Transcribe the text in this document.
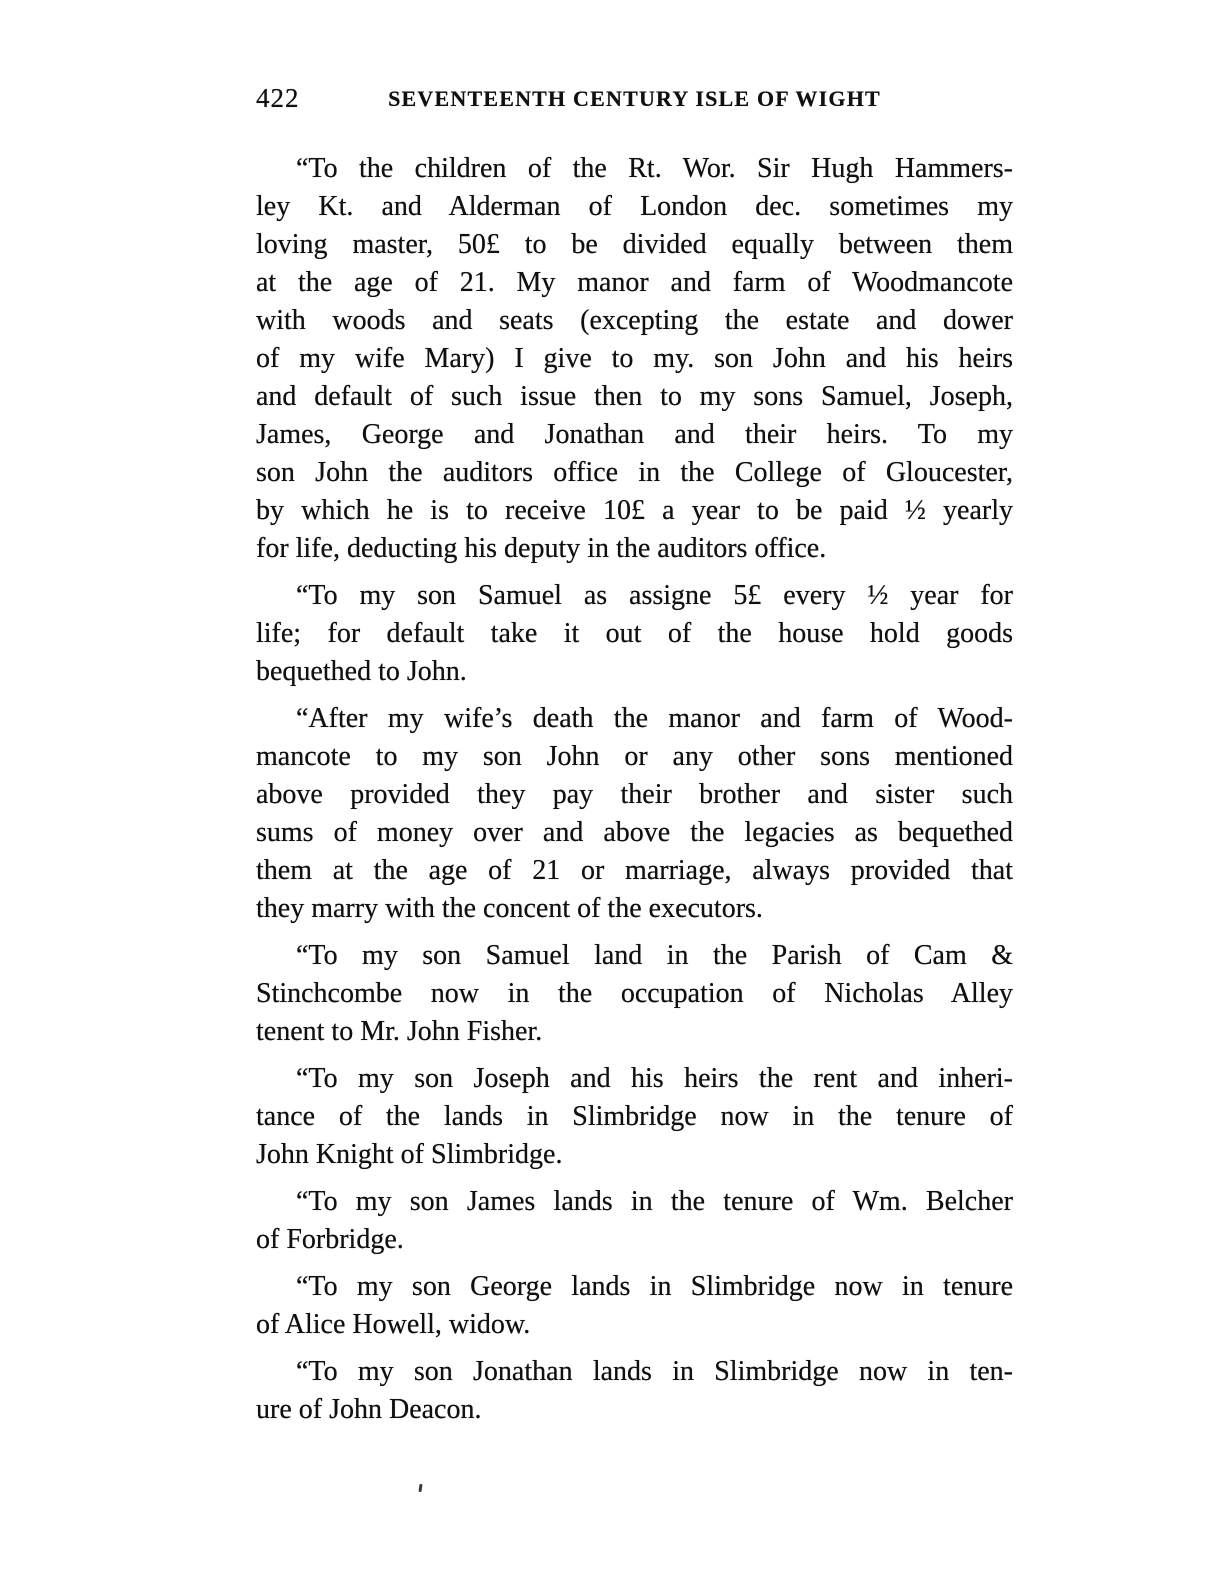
422	SEVENTEENTH CENTURY ISLE OF WIGHT

“To the children of the Rt. Wor. Sir Hugh Hammers-
ley Kt. and Alderman of London dec. sometimes my
loving master, 50£ to be divided equally between them
at the age of 21. My manor and farm of Woodmancote
with woods and seats (excepting the estate and dower
of my wife Mary) I give to my. son John and his heirs
and default of such issue then to my sons Samuel, Joseph,
James, George and Jonathan and their heirs. To my
son John the auditors office in the College of Gloucester,
by which he is to receive 10£ a year to be paid ½ yearly
for life, deducting his deputy in the auditors office.

“To my son Samuel as assigne 5£ every ½ year for
life; for default take it out of the house hold goods
bequethed to John.

“After my wife’s death the manor and farm of Wood-
mancote to my son John or any other sons mentioned
above provided they pay their brother and sister such
sums of money over and above the legacies as bequethed
them at the age of 21 or marriage, always provided that
they marry with the concent of the executors.

“To my son Samuel land in the Parish of Cam &
Stinchcombe now in the occupation of Nicholas Alley
tenent to Mr. John Fisher.

“To my son Joseph and his heirs the rent and inheri-
tance of the lands in Slimbridge now in the tenure of
John Knight of Slimbridge.

“To my son James lands in the tenure of Wm. Belcher
of Forbridge.

“To my son George lands in Slimbridge now in tenure
of Alice Howell, widow.

“To my son Jonathan lands in Slimbridge now in ten-
ure of John Deacon.
